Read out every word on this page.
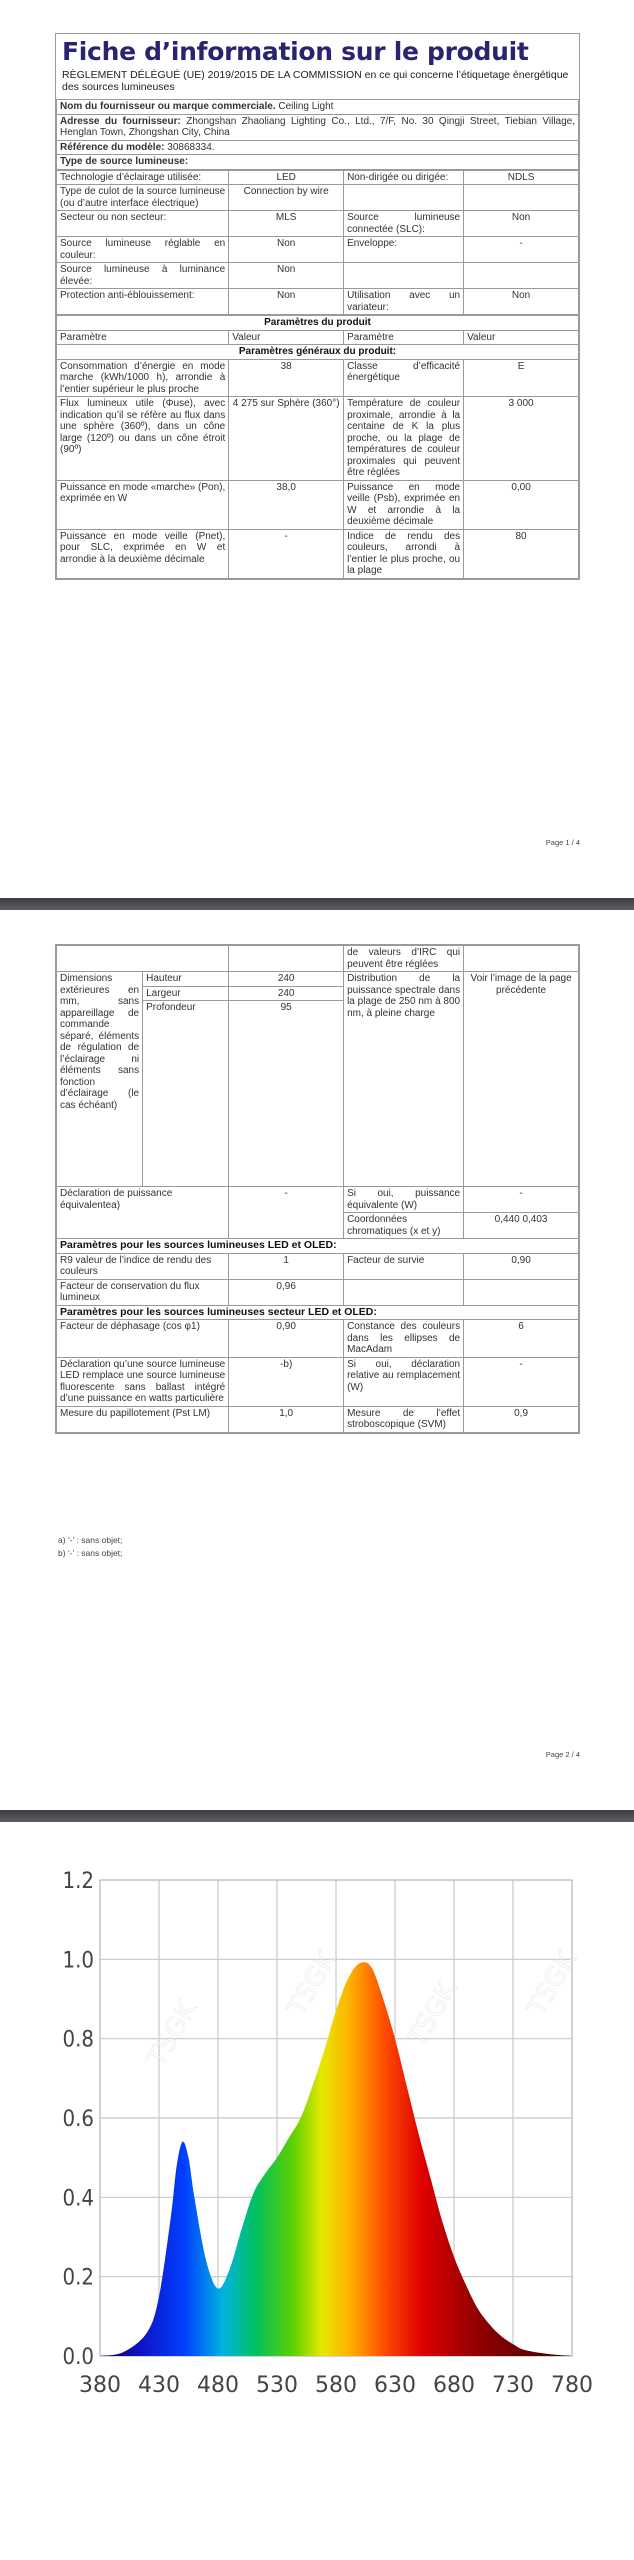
Fiche d’information sur le produit
RÈGLEMENT DÉLÉGUÉ (UE) 2019/2015 DE LA COMMISSION en ce qui concerne l’étiquetage énergétique des sources lumineuses
Nom du fournisseur ou marque commerciale. Ceiling Light
Adresse du fournisseur: Zhongshan Zhaoliang Lighting Co., Ltd., 7/F, No. 30 Qingji Street, Tiebian Village, Henglan Town, Zhongshan City, China
Référence du modèle: 30868334.
Type de source lumineuse:
Technologie d’éclairage utilisée:	LED	Non-dirigée ou dirigée:	NDLS
Type de culot de la source lumineuse (ou d’autre interface électrique)	Connection by wire		
Secteur ou non secteur:	MLS	Source lumineuse connectée (SLC):	Non
Source lumineuse réglable en couleur:	Non	Enveloppe:	-
Source lumineuse à luminance élevée:	Non		
Protection anti-éblouissement:	Non	Utilisation avec un variateur:	Non
Paramètres du produit			
Paramètre	Valeur	Paramètre	Valeur
Paramètres généraux du produit:			
Consommation d’énergie en mode marche (kWh/1000 h), arrondie à l’entier supérieur le plus proche	38	Classe d’efficacité énergétique	E
Flux lumineux utile (Φuse), avec indication qu’il se réfère au flux dans une sphère (360º), dans un cône large (120º) ou dans un cône étroit (90º)	4 275 sur Sphère (360°)	Température de couleur proximale, arrondie à la centaine de K la plus proche, ou la plage de températures de couleur proximales qui peuvent être réglées	3 000
Puissance en mode «marche» (Pon), exprimée en W	38,0	Puissance en mode veille (Psb), exprimée en W et arrondie à la deuxième décimale	0,00
Puissance en mode veille (Pnet), pour SLC, exprimée en W et arrondie à la deuxième décimale	-	Indice de rendu des couleurs, arrondi à l’entier le plus proche, ou la plage	80
Page 1 / 4
			de valeurs d’IRC qui peuvent être réglées	
Dimensions extérieures en mm, sans appareillage de commande séparé, éléments de régulation de l’éclairage ni éléments sans fonction d’éclairage (le cas échéant)	Hauteur	240	Distribution de la puissance spectrale dans la plage de 250 nm à 800 nm, à pleine charge	Voir l’image de la page précédente
	Largeur	240		
	Profondeur	95		
Déclaration de puissance équivalentea)		-	Si oui, puissance équivalente (W)	-
			Coordonnées chromatiques (x et y)	0,440 0,403
Paramètres pour les sources lumineuses LED et OLED:				
R9 valeur de l’indice de rendu des couleurs		1	Facteur de survie	0,90
Facteur de conservation du flux lumineux		0,96		
Paramètres pour les sources lumineuses secteur LED et OLED:				
Facteur de déphasage (cos φ1)		0,90	Constance des couleurs dans les ellipses de MacAdam	6
Déclaration qu’une source lumineuse LED remplace une source lumineuse fluorescente sans ballast intégré d’une puissance en watts particulière		-b)	Si oui, déclaration relative au remplacement (W)	-
Mesure du papillotement (Pst LM)		1,0	Mesure de l’effet stroboscopique (SVM)	0,9
a) ‘-’ : sans objet;
b) ‘-’ : sans objet;
Page 2 / 4
TSGK
TSGK TSGK TSGK
0.0
0.2
0.4
0.6
0.8
1.0
1.2
380 430 480 530 580 630 680 730 780
